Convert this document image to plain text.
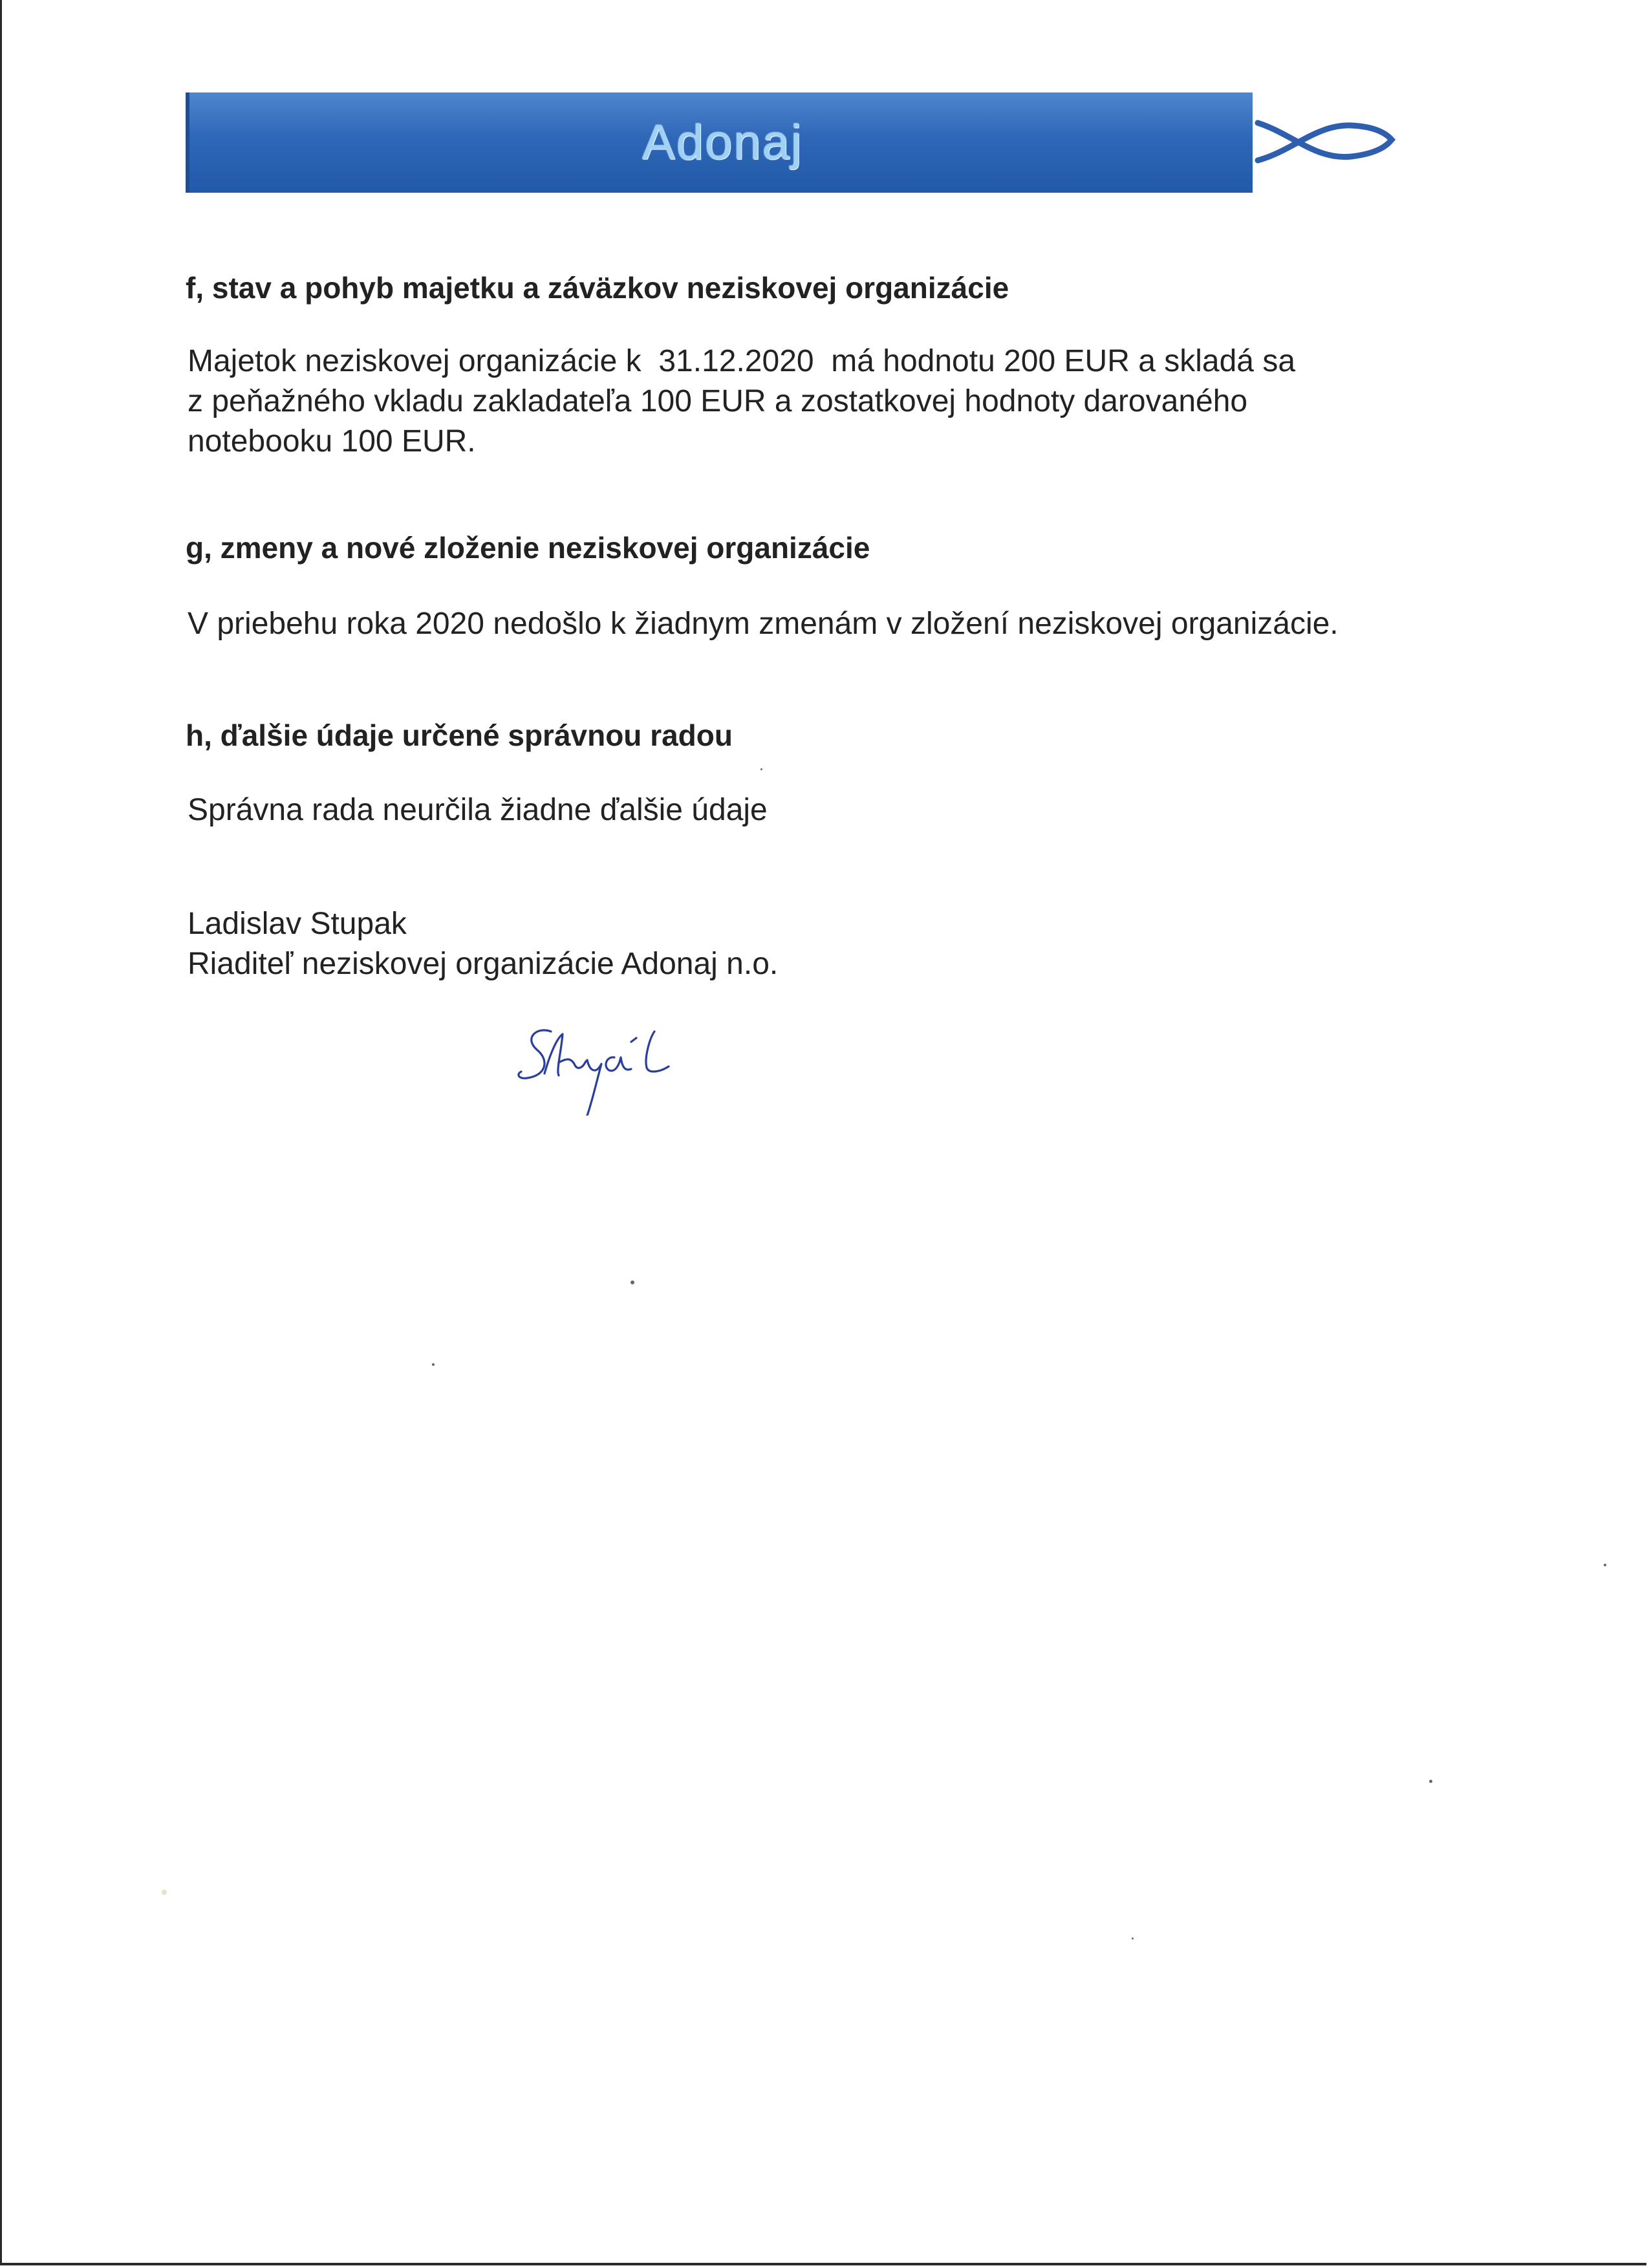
Adonaj
f, stav a pohyb majetku a záväzkov neziskovej organizácie
Majetok neziskovej organizácie k  31.12.2020  má hodnotu 200 EUR a skladá sa
z peňažného vkladu zakladateľa 100 EUR a zostatkovej hodnoty darovaného
notebooku 100 EUR.
g, zmeny a nové zloženie neziskovej organizácie
V priebehu roka 2020 nedošlo k žiadnym zmenám v zložení neziskovej organizácie.
h, ďalšie údaje určené správnou radou
Správna rada neurčila žiadne ďalšie údaje
Ladislav Stupak
Riaditeľ neziskovej organizácie Adonaj n.o.
